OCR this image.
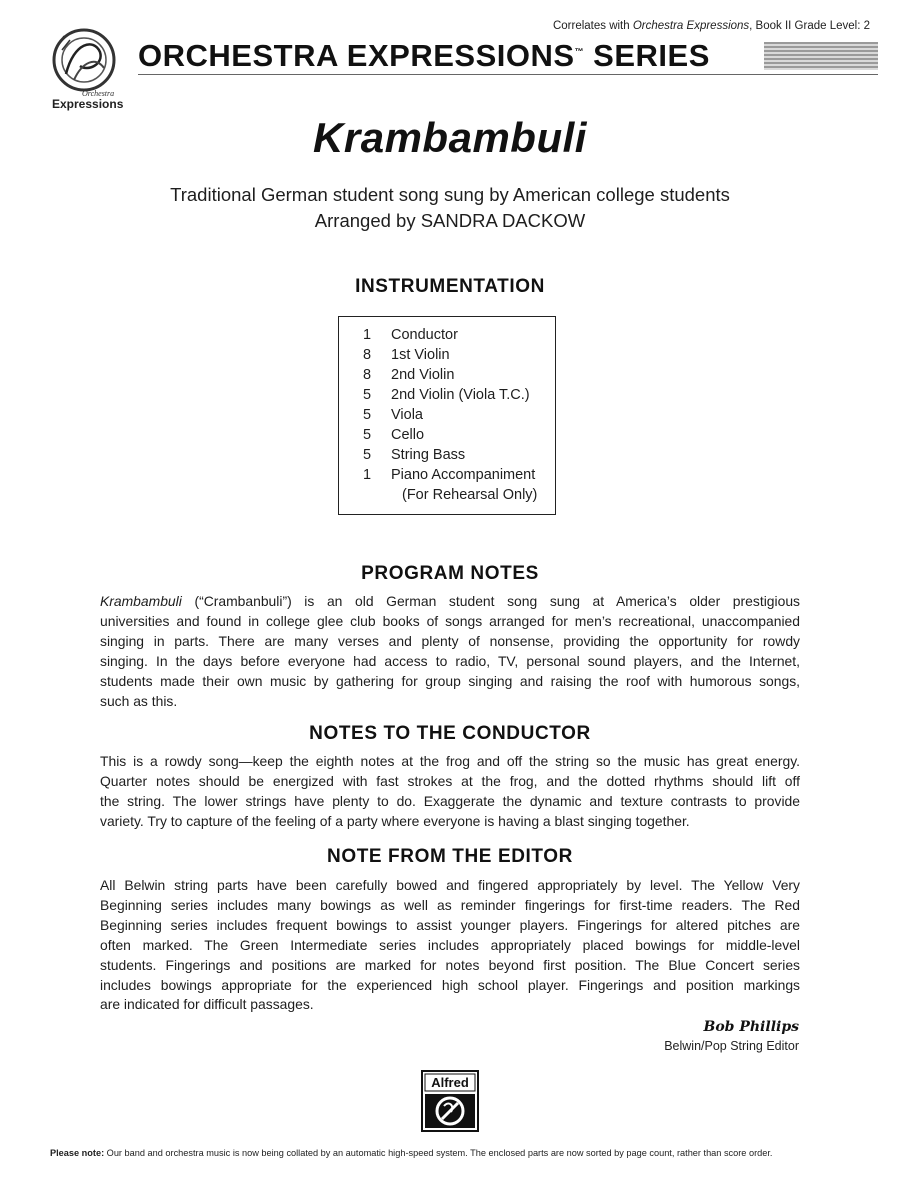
Orchestra
Expressions
Correlates with Orchestra Expressions, Book II Grade Level: 2
ORCHESTRA EXPRESSIONS™ SERIES
Krambambuli
Traditional German student song sung by American college students
Arranged by SANDRA DACKOW
INSTRUMENTATION
1 Conductor
8 1st Violin
8 2nd Violin
5 2nd Violin (Viola T.C.)
5 Viola
5 Cello
5 String Bass
1 Piano Accompaniment
(For Rehearsal Only)
PROGRAM NOTES
Krambambuli (“Crambanbuli”) is an old German student song sung at America’s older prestigious
universities and found in college glee club books of songs arranged for men’s recreational, unaccompanied
singing in parts. There are many verses and plenty of nonsense, providing the opportunity for rowdy
singing. In the days before everyone had access to radio, TV, personal sound players, and the Internet,
students made their own music by gathering for group singing and raising the roof with humorous songs,
such as this.
NOTES TO THE CONDUCTOR
This is a rowdy song—keep the eighth notes at the frog and off the string so the music has great energy.
Quarter notes should be energized with fast strokes at the frog, and the dotted rhythms should lift off
the string. The lower strings have plenty to do. Exaggerate the dynamic and texture contrasts to provide
variety. Try to capture of the feeling of a party where everyone is having a blast singing together.
NOTE FROM THE EDITOR
All Belwin string parts have been carefully bowed and fingered appropriately by level. The Yellow Very
Beginning series includes many bowings as well as reminder fingerings for first-time readers. The Red
Beginning series includes frequent bowings to assist younger players. Fingerings for altered pitches are
often marked. The Green Intermediate series includes appropriately placed bowings for middle-level
students. Fingerings and positions are marked for notes beyond first position. The Blue Concert series
includes bowings appropriate for the experienced high school player. Fingerings and position markings
are indicated for difficult passages.
Bob Phillips
Belwin/Pop String Editor
Alfred
Please note: Our band and orchestra music is now being collated by an automatic high-speed system. The enclosed parts are now sorted by page count, rather than score order.
